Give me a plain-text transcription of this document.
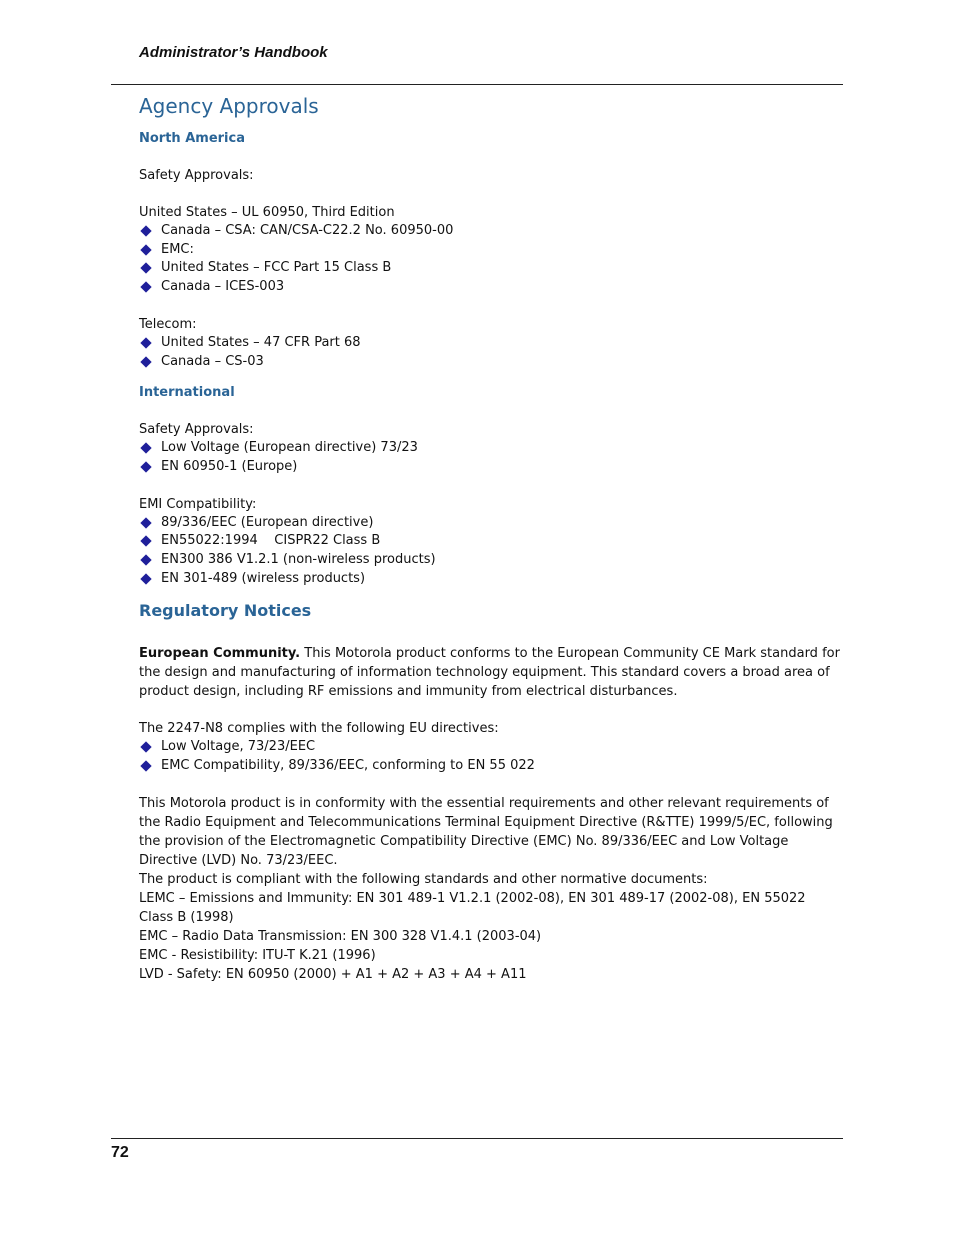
Administrator’s Handbook
Agency Approvals
North America

Safety Approvals:

United States – UL 60950, Third Edition

Canada – CSA: CAN/CSA-C22.2 No. 60950-00
EMC:
United States – FCC Part 15 Class B
Canada – ICES-003

Telecom:

United States – 47 CFR Part 68
Canada – CS-03
International

Safety Approvals:

Low Voltage (European directive) 73/23
EN 60950-1 (Europe)

EMI Compatibility:

89/336/EEC (European directive)
EN55022:1994    CISPR22 Class B
EN300 386 V1.2.1 (non-wireless products)
EN 301-489 (wireless products)
Regulatory Notices

European Community. This Motorola product conforms to the European Community CE Mark standard for the design and manufacturing of information technology equipment. This standard covers a broad area of product design, including RF emissions and immunity from electrical disturbances.

The 2247-N8 complies with the following EU directives:

Low Voltage, 73/23/EEC
EMC Compatibility, 89/336/EEC, conforming to EN 55 022

This Motorola product is in conformity with the essential requirements and other relevant requirements of the Radio Equipment and Telecommunications Terminal Equipment Directive (R&TTE) 1999/5/EC, following the provision of the Electromagnetic Compatibility Directive (EMC) No. 89/336/EEC and Low Voltage Directive (LVD) No. 73/23/EEC.

The product is compliant with the following standards and other normative documents:

LEMC – Emissions and Immunity: EN 301 489-1 V1.2.1 (2002-08), EN 301 489-17 (2002-08), EN 55022 Class B (1998)

EMC – Radio Data Transmission: EN 300 328 V1.4.1 (2003-04)

EMC - Resistibility: ITU-T K.21 (1996)

LVD - Safety: EN 60950 (2000) + A1 + A2 + A3 + A4 + A11

72
